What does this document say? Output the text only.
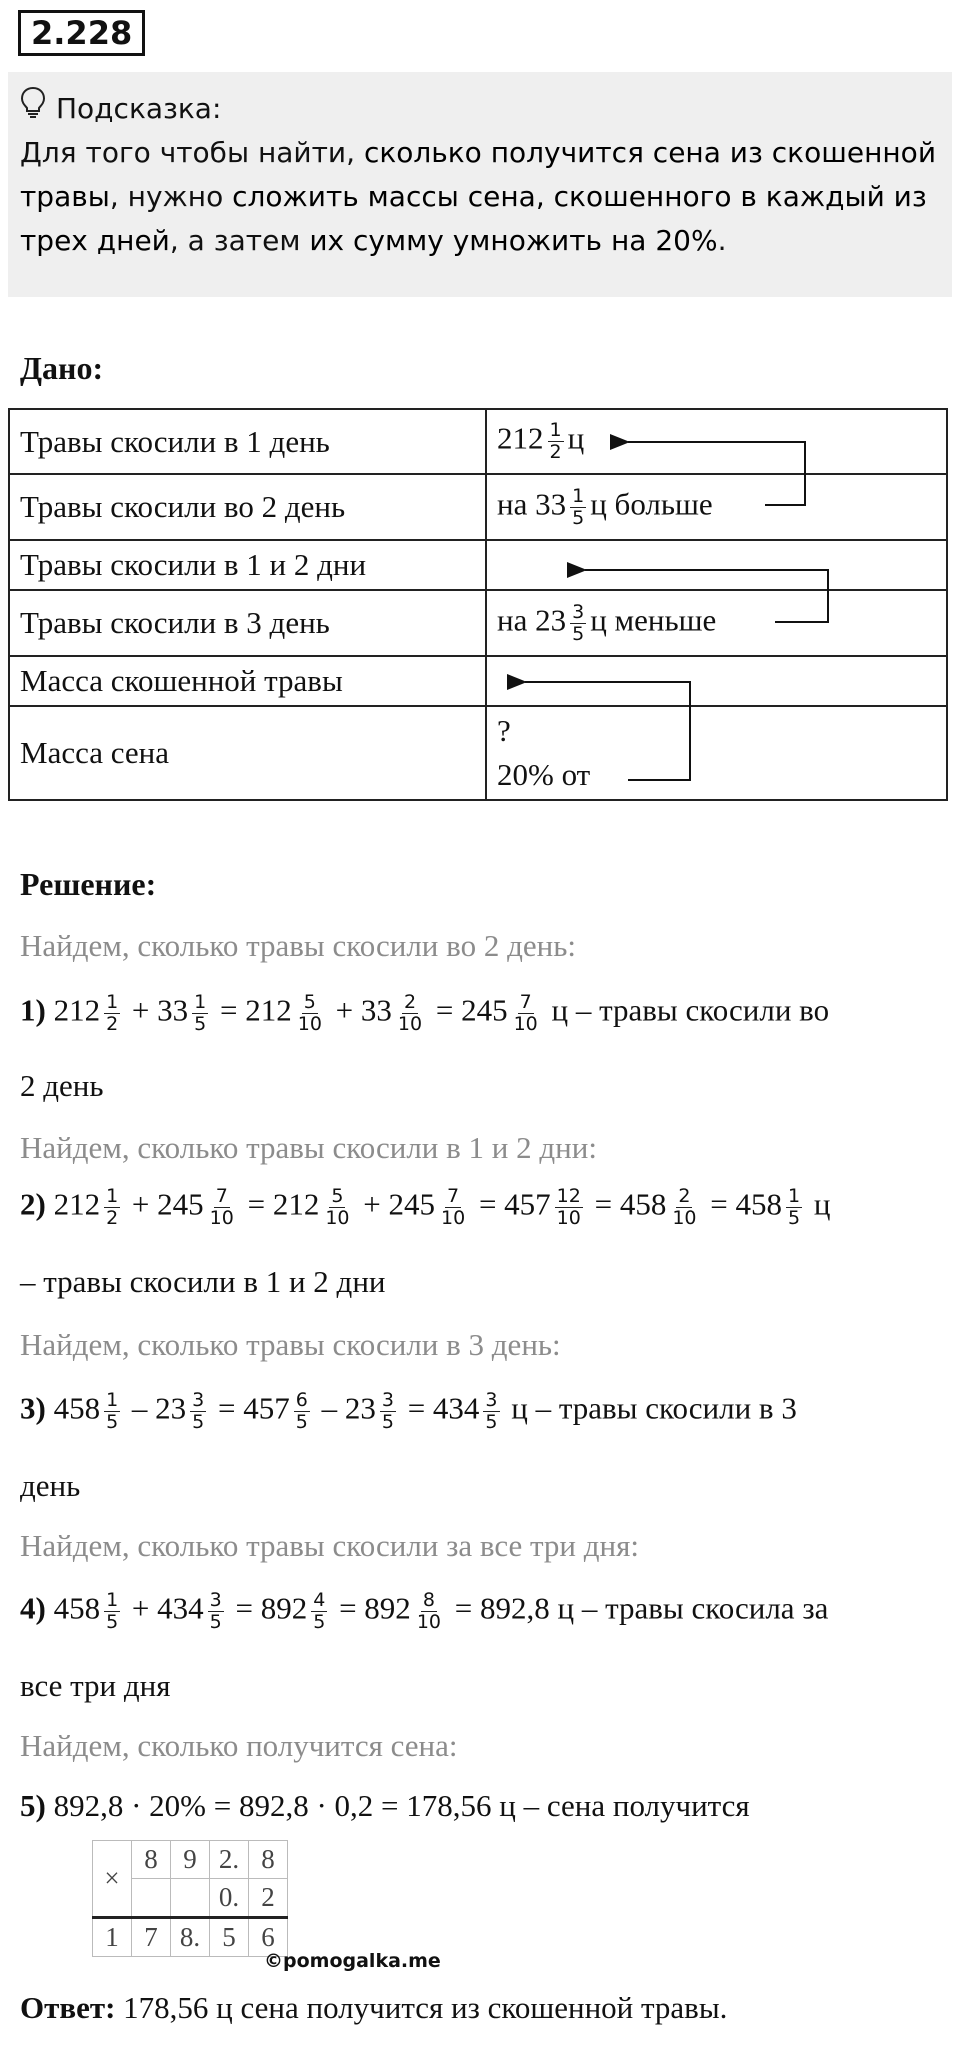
2.228
Подсказка:
Для того чтобы найти, сколько получится сена из скошенной травы, нужно сложить массы сена, скошенного в каждый из трех дней, а затем их сумму умножить на 20%.
Дано:
Травы скосили в 1 день	$212 \frac{1}{2}$ ц
Травы скосили во 2 день	на $33 \frac{1}{5}$ ц больше
Травы скосили в 1 и 2 дни	
Травы скосили в 3 день	на $23 \frac{3}{5}$ ц меньше
Масса скошенной травы	
Масса сена	?
20% от
Решение:
Найдем, сколько травы скосили во 2 день:
1) $212 \frac{1}{2} + 33 \frac{1}{5} = 212 \frac{5}{10} + 33 \frac{2}{10} = 245 \frac{7}{10}$ ц – травы скосили во
2 день
Найдем, сколько травы скосили в 1 и 2 дни:
2) $212 \frac{1}{2} + 245 \frac{7}{10} = 212 \frac{5}{10} + 245 \frac{7}{10} = 457 \frac{12}{10} = 458 \frac{2}{10} = 458 \frac{1}{5}$ ц
– травы скосили в 1 и 2 дни
Найдем, сколько травы скосили в 3 день:
3) $458 \frac{1}{5} - 23 \frac{3}{5} = 457 \frac{6}{5} - 23 \frac{3}{5} = 434 \frac{3}{5}$ ц – травы скосили в 3
день
Найдем, сколько травы скосили за все три дня:
4) $458 \frac{1}{5} + 434 \frac{3}{5} = 892 \frac{4}{5} = 892 \frac{8}{10} = 892,8$ ц – травы скосила за
все три дня
Найдем, сколько получится сена:
5) 892,8 · 20% = 892,8 · 0,2 = 178,56 ц – сена получится
×	8	9	2.	8
			0.	2
1	7	8.	5	6
©pomogalka.me
Ответ: 178,56 ц сена получится из скошенной травы.
